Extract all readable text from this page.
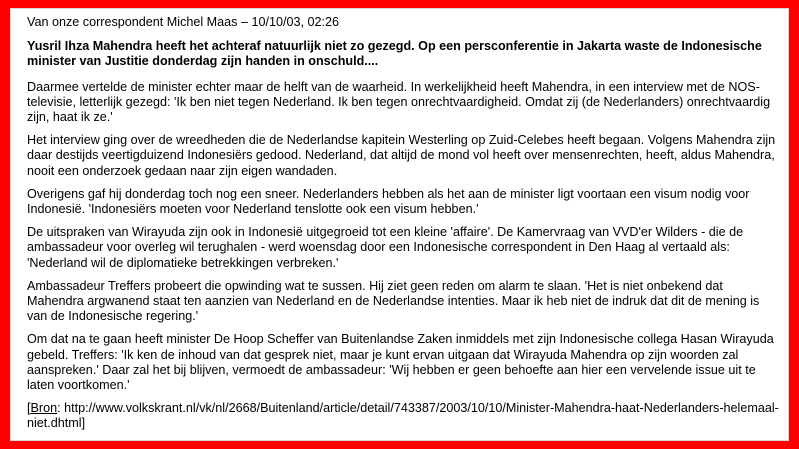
Van onze correspondent Michel Maas – 10/10/03, 02:26

Yusril Ihza Mahendra heeft het achteraf natuurlijk niet zo gezegd. Op een persconferentie in Jakarta waste de Indonesische minister van Justitie donderdag zijn handen in onschuld....

Daarmee vertelde de minister echter maar de helft van de waarheid. In werkelijkheid heeft Mahendra, in een interview met de NOS-televisie, letterlijk gezegd: 'Ik ben niet tegen Nederland. Ik ben tegen onrechtvaardigheid. Omdat zij (de Nederlanders) onrechtvaardig zijn, haat ik ze.'

Het interview ging over de wreedheden die de Nederlandse kapitein Westerling op Zuid-Celebes heeft begaan. Volgens Mahendra zijn daar destijds veertigduizend Indonesiërs gedood. Nederland, dat altijd de mond vol heeft over mensenrechten, heeft, aldus Mahendra, nooit een onderzoek gedaan naar zijn eigen wandaden.

Overigens gaf hij donderdag toch nog een sneer. Nederlanders hebben als het aan de minister ligt voortaan een visum nodig voor Indonesië. 'Indonesiërs moeten voor Nederland tenslotte ook een visum hebben.'

De uitspraken van Wirayuda zijn ook in Indonesië uitgegroeid tot een kleine 'affaire'. De Kamervraag van VVD'er Wilders - die de ambassadeur voor overleg wil terughalen - werd woensdag door een Indonesische correspondent in Den Haag al vertaald als: 'Nederland wil de diplomatieke betrekkingen verbreken.'

Ambassadeur Treffers probeert die opwinding wat te sussen. Hij ziet geen reden om alarm te slaan. 'Het is niet onbekend dat Mahendra argwanend staat ten aanzien van Nederland en de Nederlandse intenties. Maar ik heb niet de indruk dat dit de mening is van de Indonesische regering.'

Om dat na te gaan heeft minister De Hoop Scheffer van Buitenlandse Zaken inmiddels met zijn Indonesische collega Hasan Wirayuda gebeld. Treffers: 'Ik ken de inhoud van dat gesprek niet, maar je kunt ervan uitgaan dat Wirayuda Mahendra op zijn woorden zal aanspreken.' Daar zal het bij blijven, vermoedt de ambassadeur: 'Wij hebben er geen behoefte aan hier een vervelende issue uit te laten voortkomen.'

[Bron: http://www.volkskrant.nl/vk/nl/2668/Buitenland/article/detail/743387/2003/10/10/Minister-Mahendra-haat-Nederlanders-helemaal-niet.dhtml]
